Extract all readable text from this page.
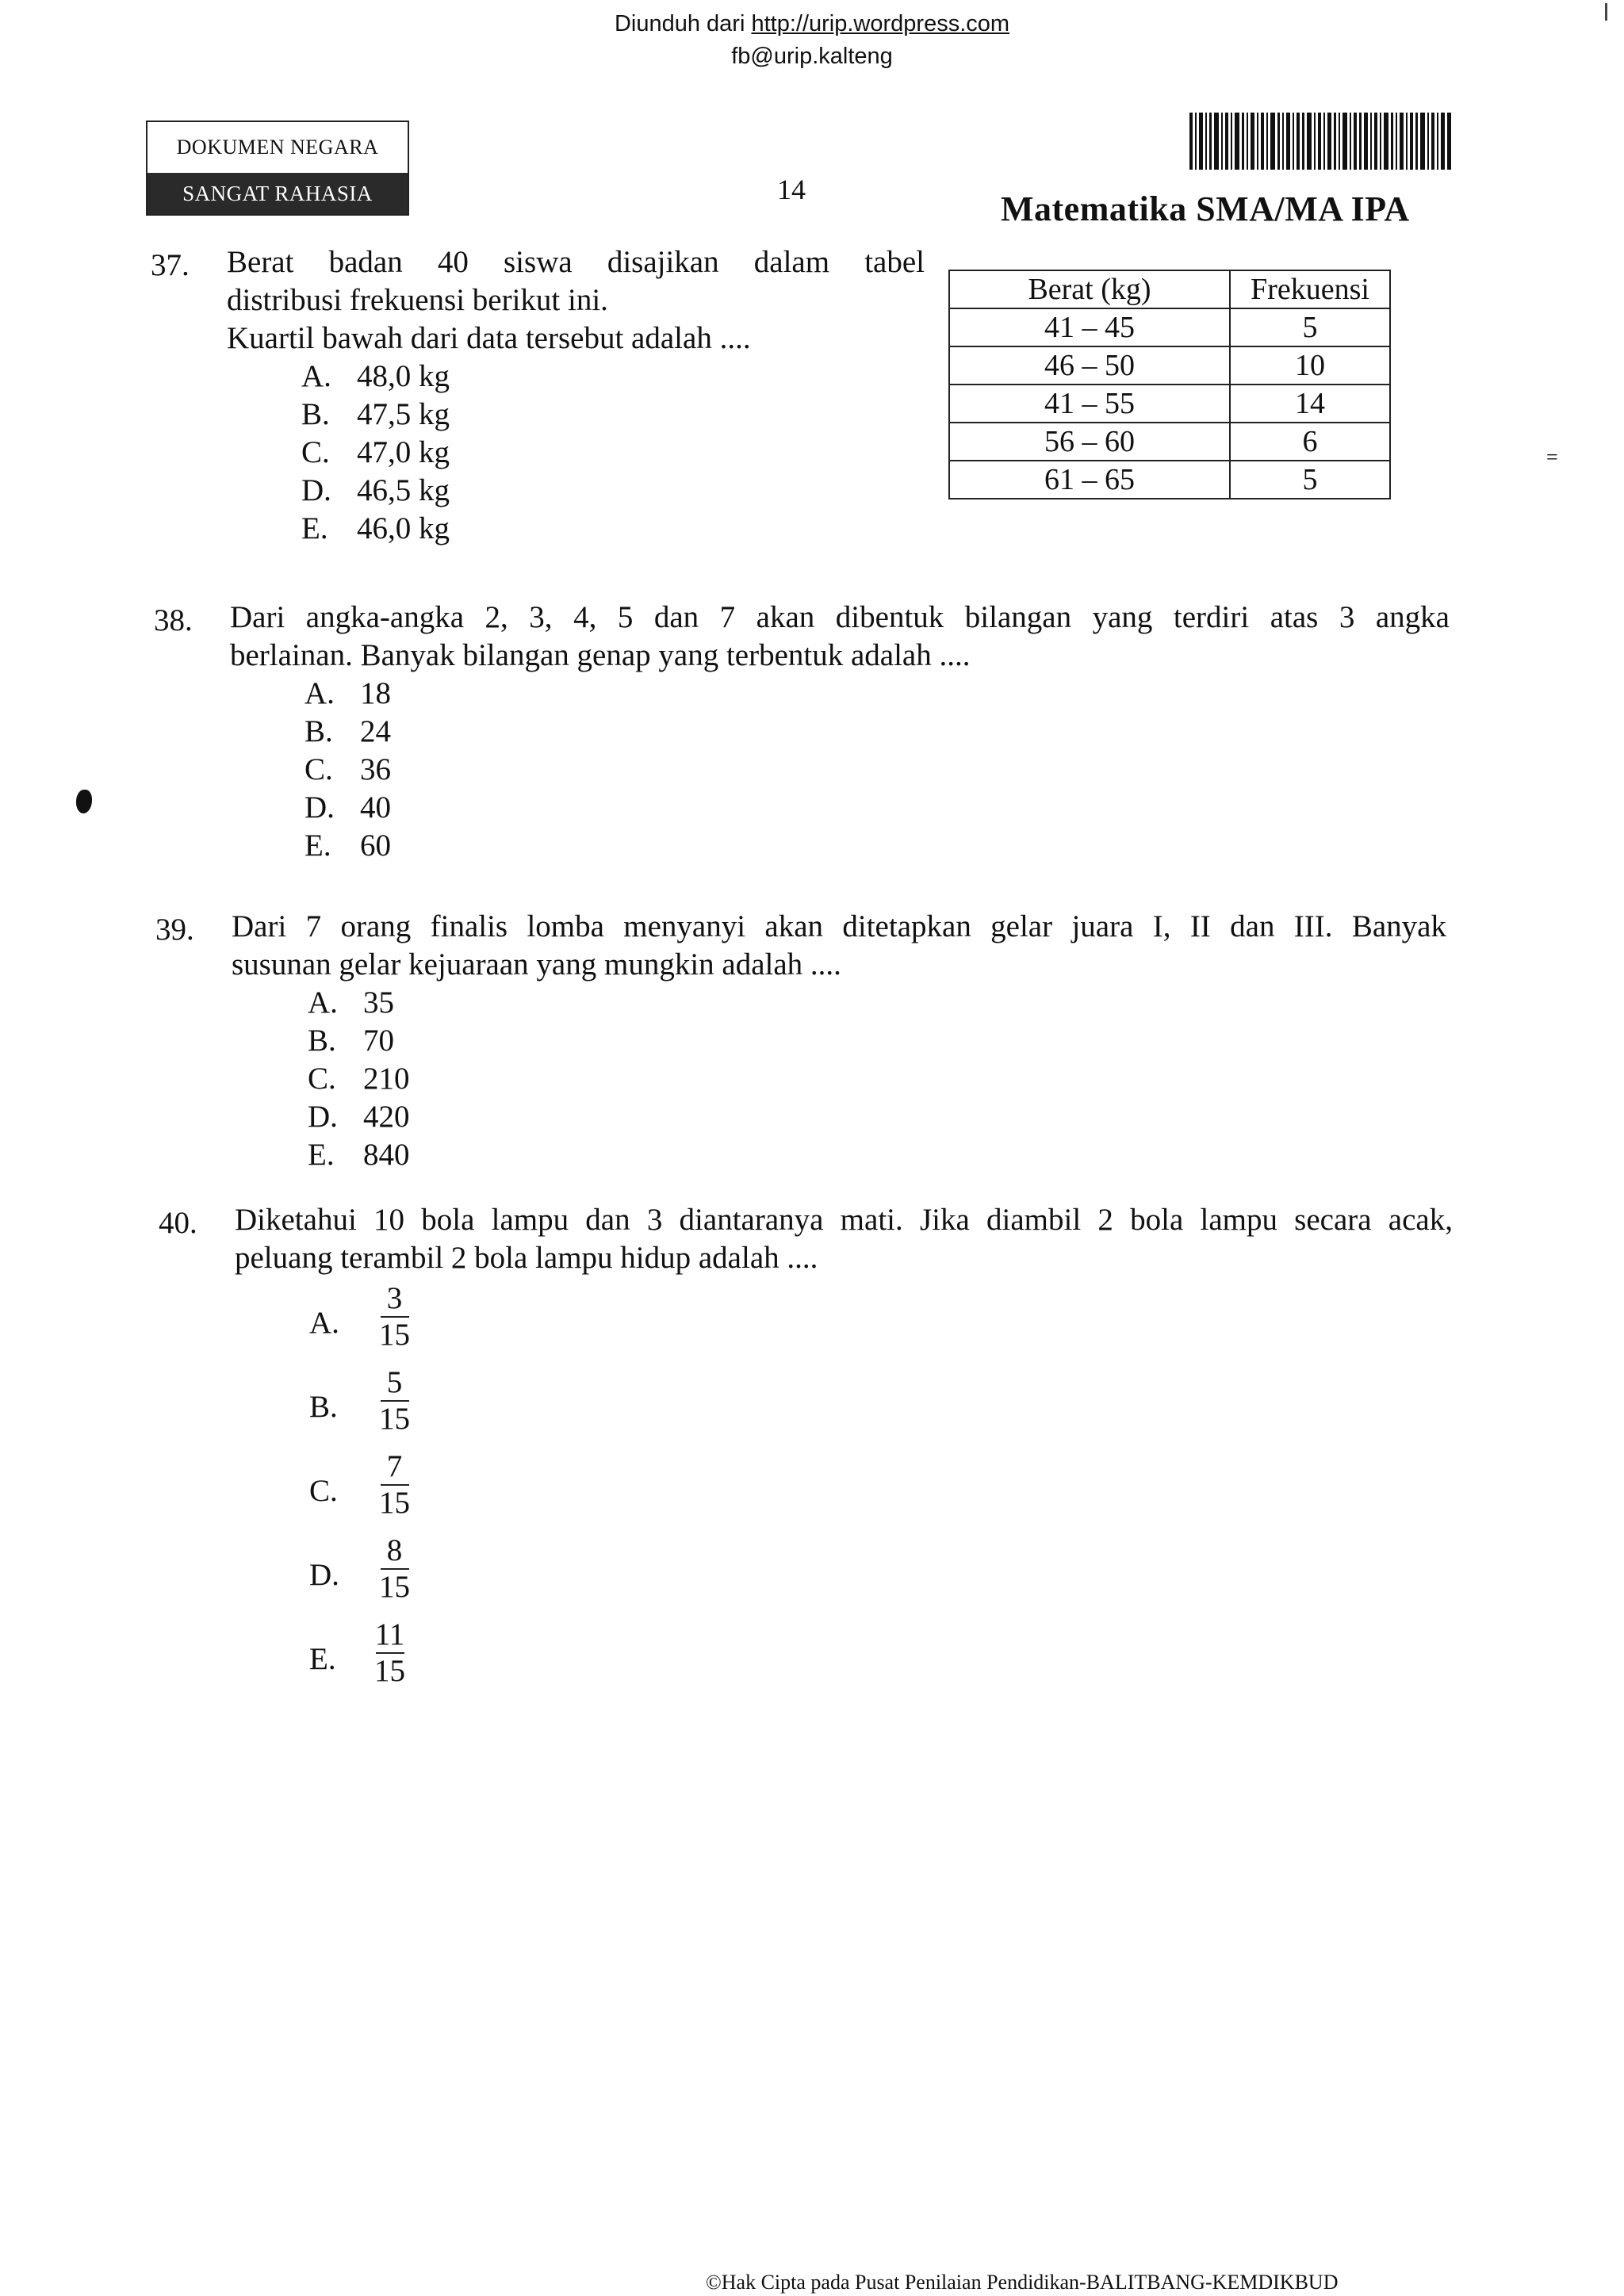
Diunduh dari http://urip.wordpress.com
fb@urip.kalteng
DOKUMEN NEGARA
SANGAT RAHASIA	14	Matematika SMA/MA IPA
37. Berat badan 40 siswa disajikan dalam tabel
distribusi frekuensi berikut ini.
Kuartil bawah dari data tersebut adalah ....
A. 48,0 kg
B. 47,5 kg
C. 47,0 kg
D. 46,5 kg
E. 46,0 kg
Berat (kg)	Frekuensi
41 – 45	5
46 – 50	10
41 – 55	14
56 – 60	6
61 – 65	5
38. Dari angka-angka 2, 3, 4, 5 dan 7 akan dibentuk bilangan yang terdiri atas 3 angka
berlainan. Banyak bilangan genap yang terbentuk adalah ....
A. 18
B. 24
C. 36
D. 40
E. 60
39. Dari 7 orang finalis lomba menyanyi akan ditetapkan gelar juara I, II dan III. Banyak
susunan gelar kejuaraan yang mungkin adalah ....
A. 35
B. 70
C. 210
D. 420
E. 840
40. Diketahui 10 bola lampu dan 3 diantaranya mati. Jika diambil 2 bola lampu secara acak,
peluang terambil 2 bola lampu hidup adalah ....
A.
3
15
B.
5
15
C.
7
15
D.
8
15
E.
11
15
=
©Hak Cipta pada Pusat Penilaian Pendidikan-BALITBANG-KEMDIKBUD
